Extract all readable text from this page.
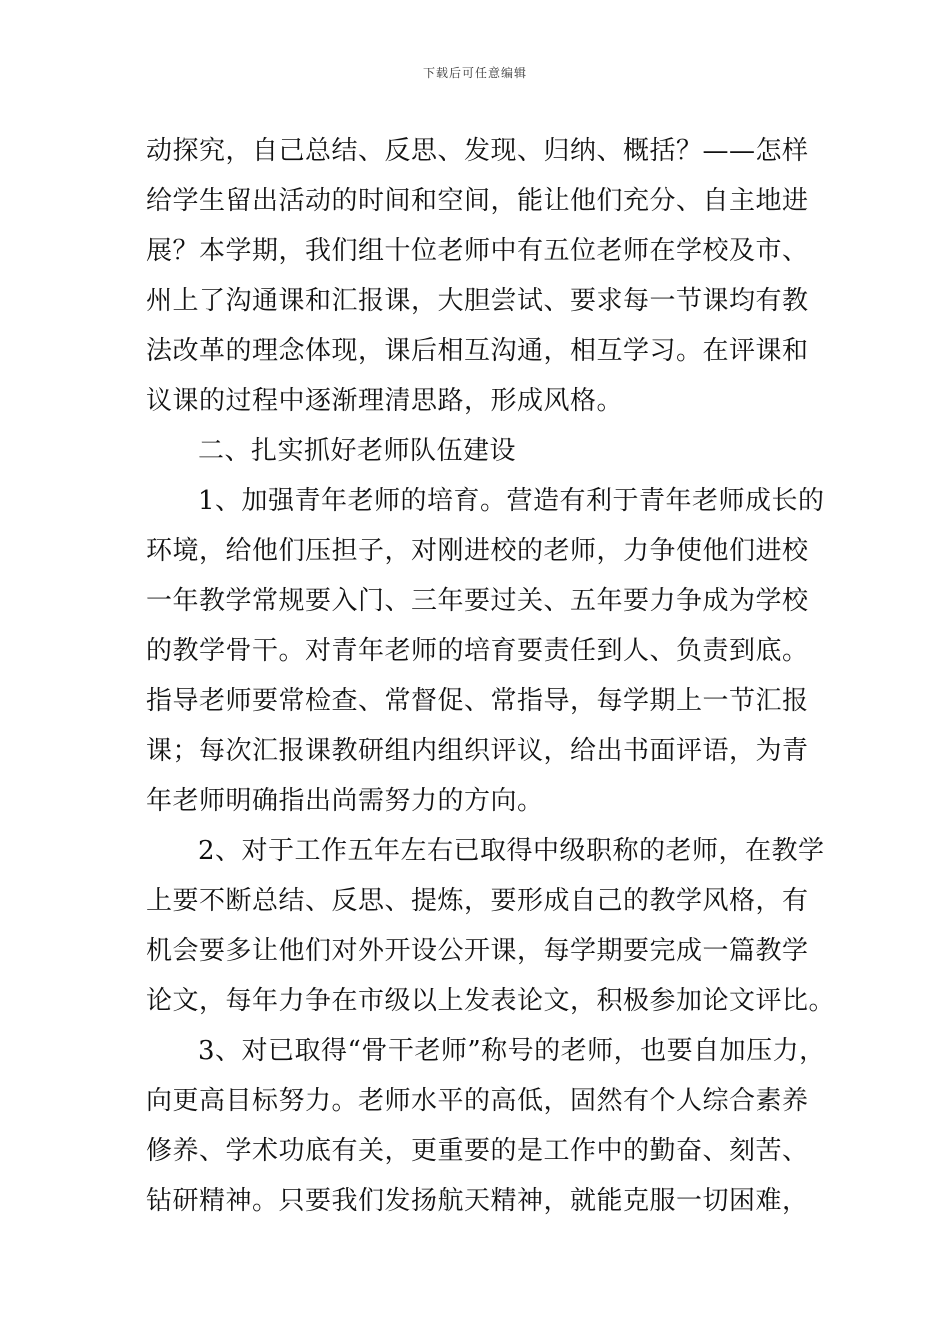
下载后可任意编辑
动探究，自己总结、反思、发现、归纳、概括？——怎样
给学生留出活动的时间和空间，能让他们充分、自主地进
展？本学期，我们组十位老师中有五位老师在学校及市、
州上了沟通课和汇报课，大胆尝试、要求每一节课均有教
法改革的理念体现，课后相互沟通，相互学习。在评课和
议课的过程中逐渐理清思路，形成风格。
二、扎实抓好老师队伍建设
1、加强青年老师的培育。营造有利于青年老师成长的
环境，给他们压担子，对刚进校的老师，力争使他们进校
一年教学常规要入门、三年要过关、五年要力争成为学校
的教学骨干。对青年老师的培育要责任到人、负责到底。
指导老师要常检查、常督促、常指导，每学期上一节汇报
课；每次汇报课教研组内组织评议，给出书面评语，为青
年老师明确指出尚需努力的方向。
2、对于工作五年左右已取得中级职称的老师，在教学
上要不断总结、反思、提炼，要形成自己的教学风格，有
机会要多让他们对外开设公开课，每学期要完成一篇教学
论文，每年力争在市级以上发表论文，积极参加论文评比。
3、对已取得“骨干老师”称号的老师，也要自加压力，
向更高目标努力。老师水平的高低，固然有个人综合素养
修养、学术功底有关，更重要的是工作中的勤奋、刻苦、
钻研精神。只要我们发扬航天精神，就能克服一切困难，
